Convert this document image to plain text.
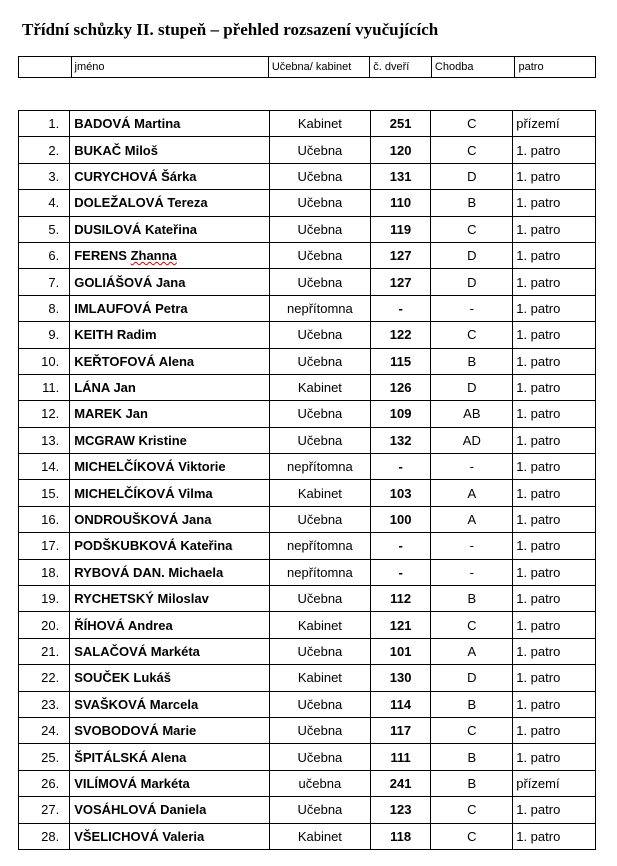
Třídní schůzky II. stupeň – přehled rozsazení vyučujících
	jméno	Učebna/ kabinet	č. dveří	Chodba	patro
1.	BADOVÁ Martina	Kabinet	251	C	přízemí
2.	BUKAČ Miloš	Učebna	120	C	1. patro
3.	CURYCHOVÁ Šárka	Učebna	131	D	1. patro
4.	DOLEŽALOVÁ Tereza	Učebna	110	B	1. patro
5.	DUSILOVÁ Kateřina	Učebna	119	C	1. patro
6.	FERENS Zhanna	Učebna	127	D	1. patro
7.	GOLIÁŠOVÁ Jana	Učebna	127	D	1. patro
8.	IMLAUFOVÁ Petra	nepřítomna	-	-	1. patro
9.	KEITH Radim	Učebna	122	C	1. patro
10.	KEŘTOFOVÁ Alena	Učebna	115	B	1. patro
11.	LÁNA Jan	Kabinet	126	D	1. patro
12.	MAREK Jan	Učebna	109	AB	1. patro
13.	MCGRAW Kristine	Učebna	132	AD	1. patro
14.	MICHELČÍKOVÁ Viktorie	nepřítomna	-	-	1. patro
15.	MICHELČÍKOVÁ Vilma	Kabinet	103	A	1. patro
16.	ONDROUŠKOVÁ Jana	Učebna	100	A	1. patro
17.	PODŠKUBKOVÁ Kateřina	nepřítomna	-	-	1. patro
18.	RYBOVÁ DAN. Michaela	nepřítomna	-	-	1. patro
19.	RYCHETSKÝ Miloslav	Učebna	112	B	1. patro
20.	ŘÍHOVÁ Andrea	Kabinet	121	C	1. patro
21.	SALAČOVÁ Markéta	Učebna	101	A	1. patro
22.	SOUČEK Lukáš	Kabinet	130	D	1. patro
23.	SVAŠKOVÁ Marcela	Učebna	114	B	1. patro
24.	SVOBODOVÁ Marie	Učebna	117	C	1. patro
25.	ŠPITÁLSKÁ Alena	Učebna	111	B	1. patro
26.	VILÍMOVÁ Markéta	učebna	241	B	přízemí
27.	VOSÁHLOVÁ Daniela	Učebna	123	C	1. patro
28.	VŠELICHOVÁ Valeria	Kabinet	118	C	1. patro
